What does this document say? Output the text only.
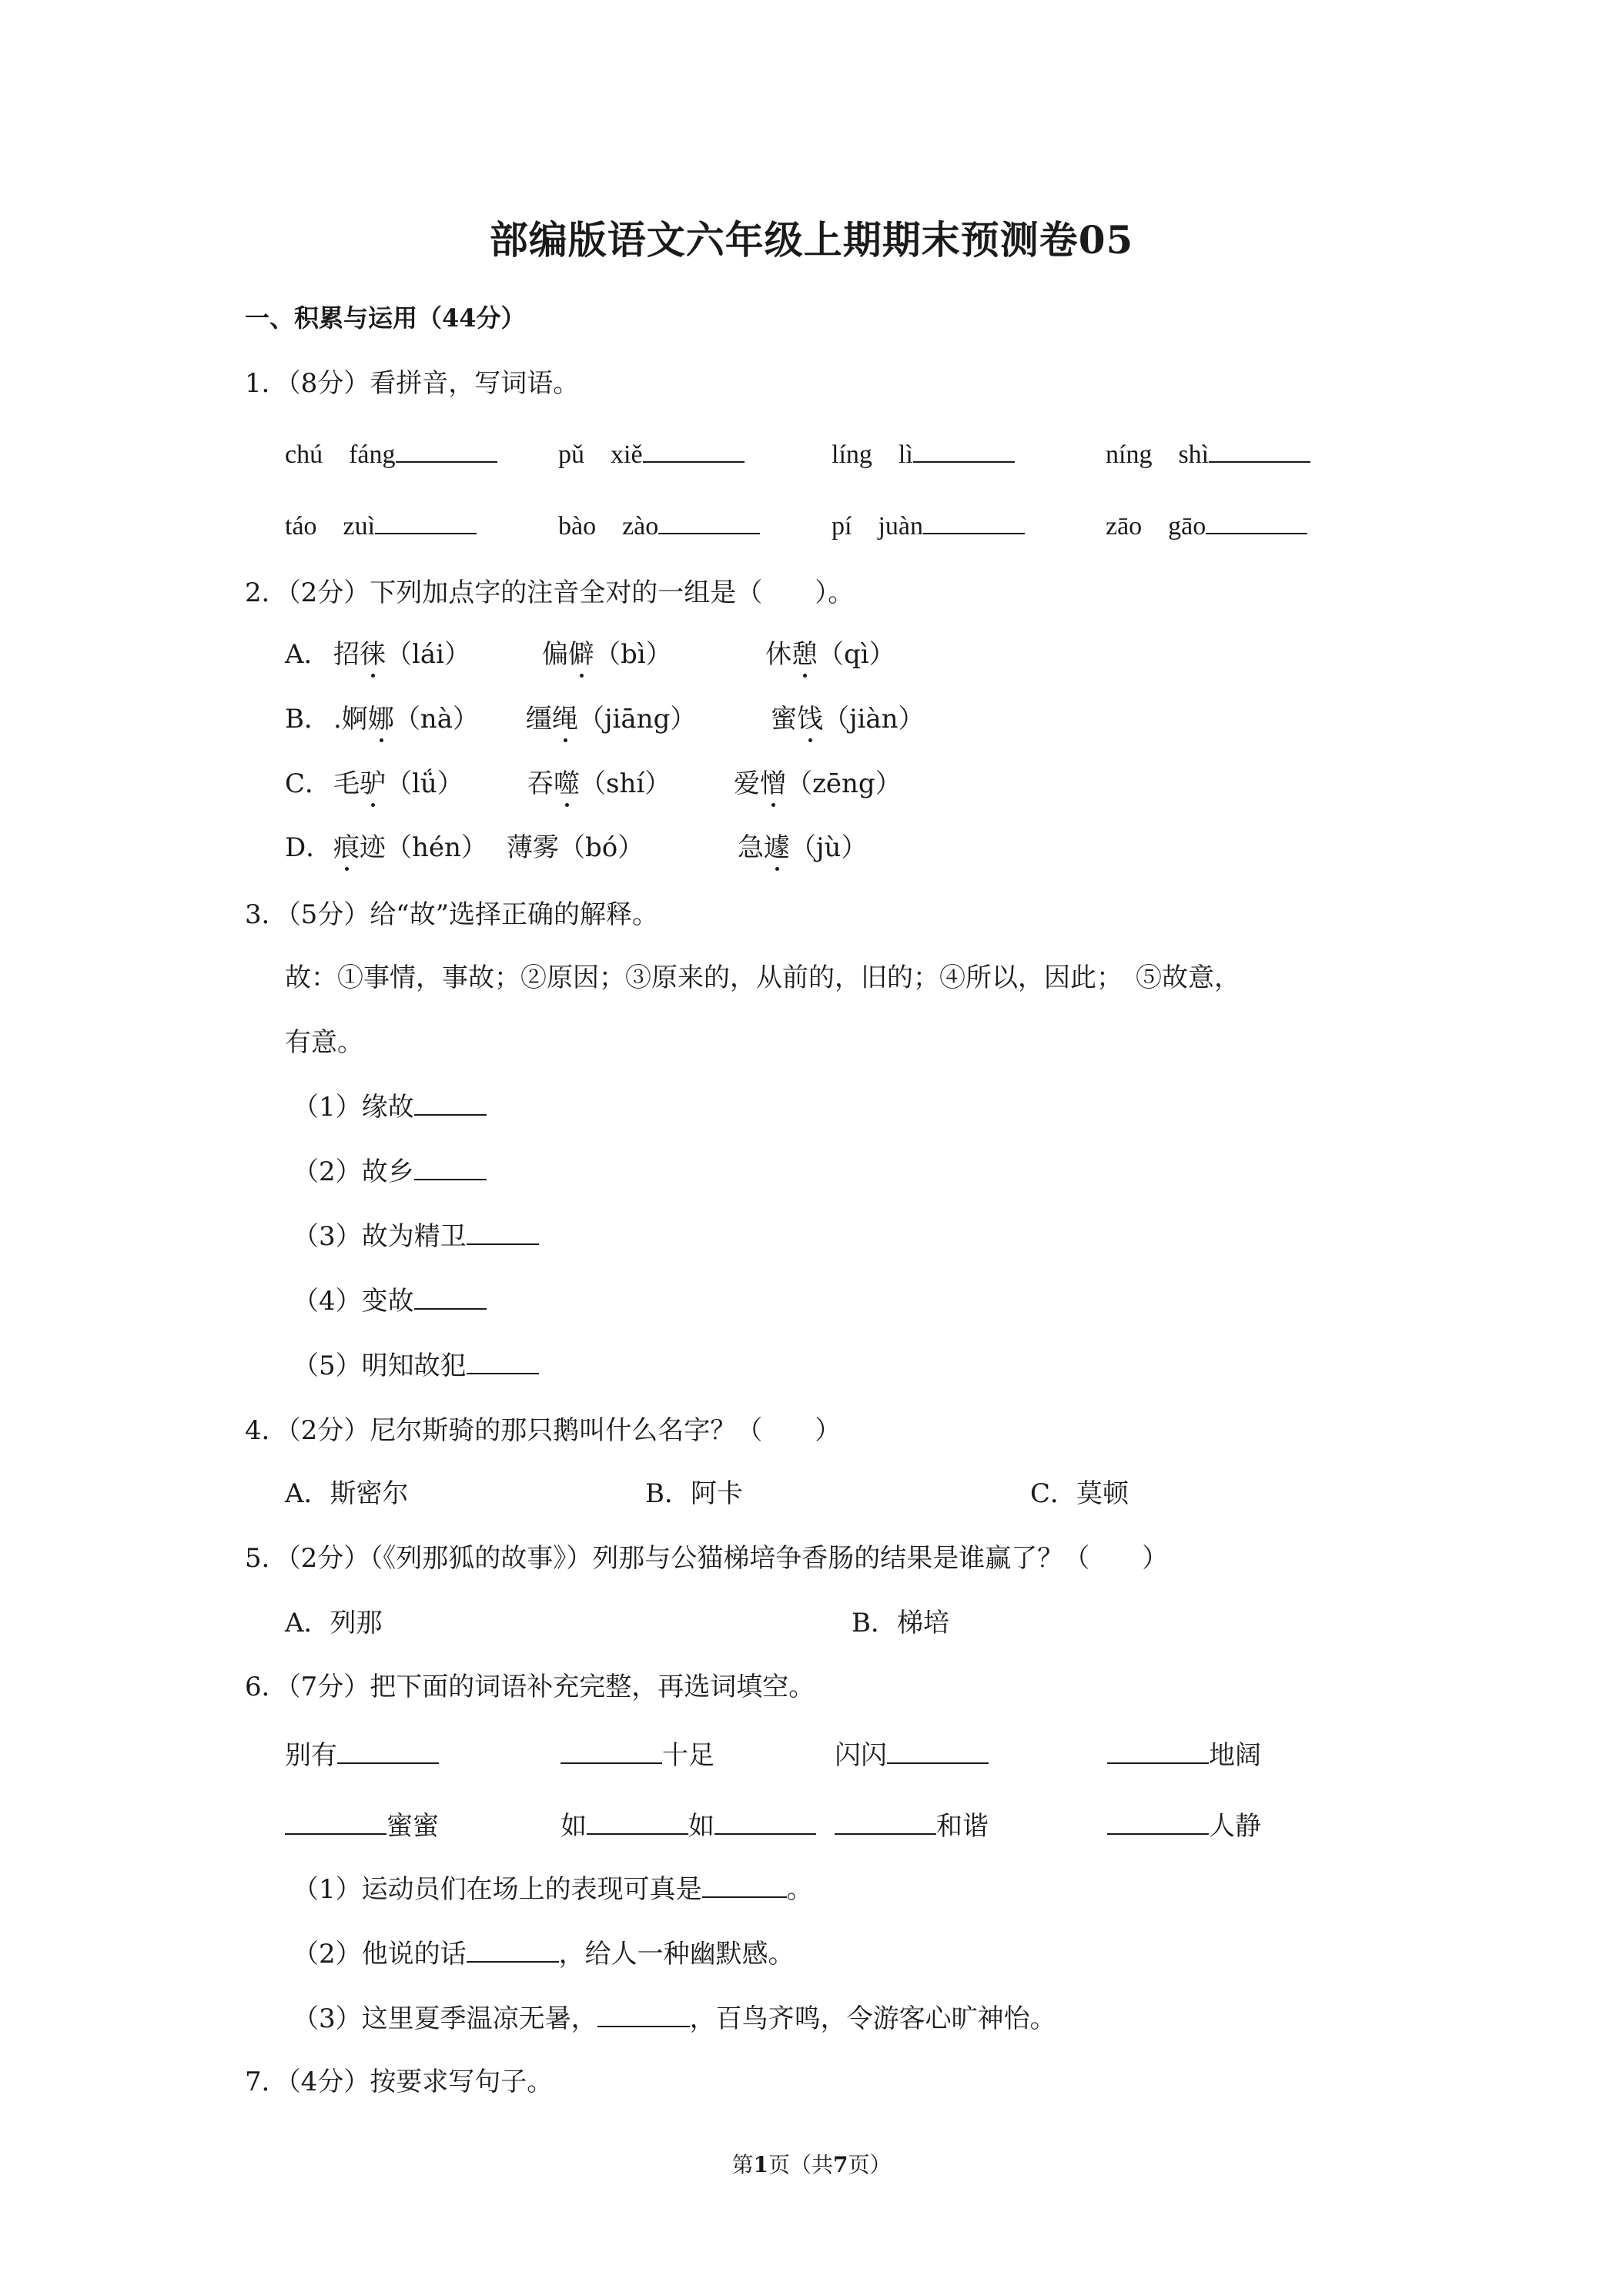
部编版语文六年级上期期末预测卷05
一、积累与运用（44分）
1．（8分）看拼音，写词语。
chú　fáng	pǔ　xiě	líng　lì	níng　shì
táo　zuì	bào　zào	pí　juàn	zāo　gāo
2．（2分）下列加点字的注音全对的一组是（　　）。
A． 招徕（lái）	偏僻（bì）	休憩（qì）
B． .婀娜（nà） 缰绳（jiāng）	蜜饯（jiàn）
C． 毛驴（lǘ） 吞噬（shí） 爱憎（zēng）
D． 痕迹（hén） 薄雾（bó）	急遽（jù）
3．（5分）给“故”选择正确的解释。
故：①事情，事故；②原因；③原来的，从前的，旧的；④所以，因此；　⑤故意，
有意。
（1）缘故
（2）故乡
（3）故为精卫
（4）变故
（5）明知故犯
4．（2分）尼尔斯骑的那只鹅叫什么名字？（　　）
A．斯密尔	B．阿卡	C．莫顿
5．（2分）（《列那狐的故事》）列那与公猫梯培争香肠的结果是谁赢了？（　　）
A．列那	B．梯培
6．（7分）把下面的词语补充完整，再选词填空。
别有	十足	闪闪	地阔
蜜蜜	如	如	和谐	人静
（1）运动员们在场上的表现可真是	。
（2）他说的话	，给人一种幽默感。
（3）这里夏季温凉无暑，	，百鸟齐鸣，令游客心旷神怡。
7．（4分）按要求写句子。
第1页（共7页）
